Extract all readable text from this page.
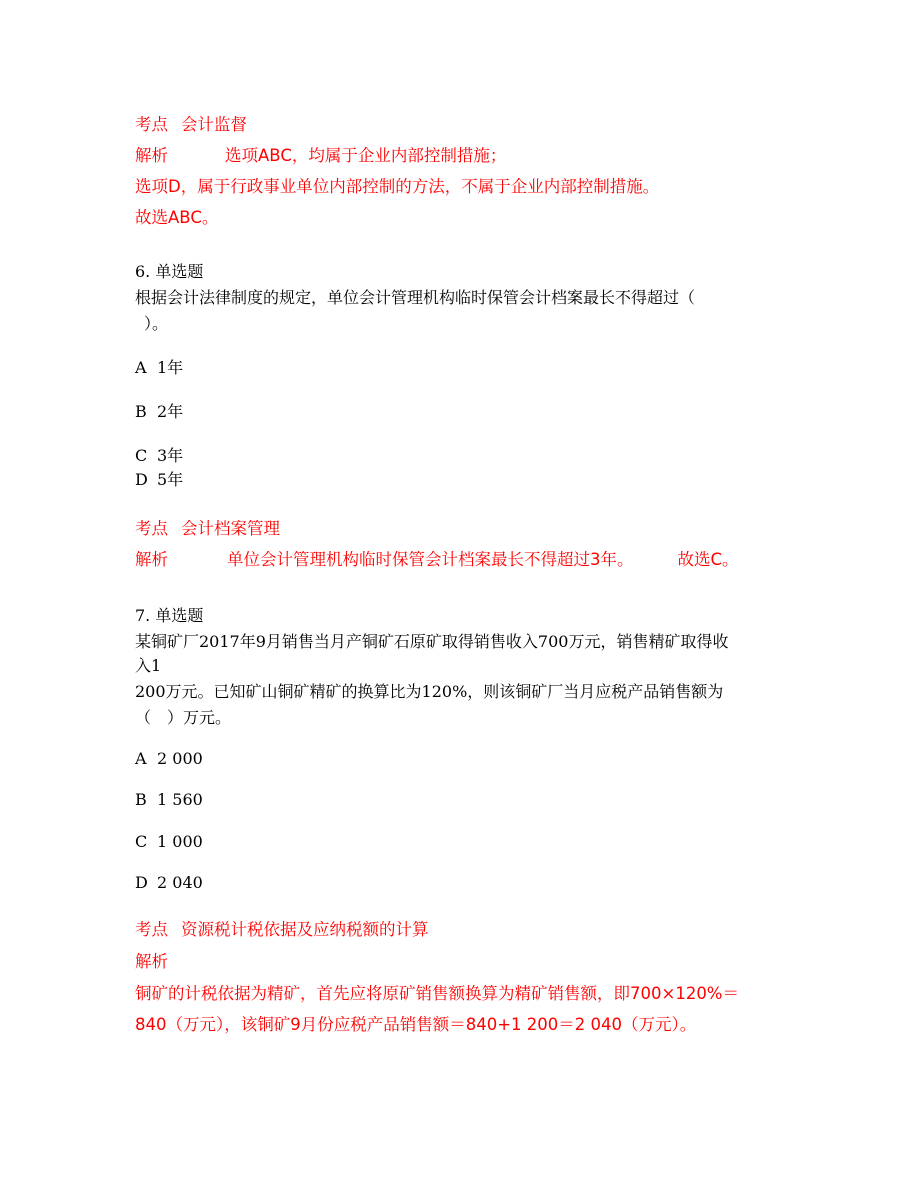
考点 会计监督
解析	选项ABC，均属于企业内部控制措施；
选项D，属于行政事业单位内部控制的方法，不属于企业内部控制措施。
故选ABC。
6. 单选题
根据会计法律制度的规定，单位会计管理机构临时保管会计档案最长不得超过（
）。
A 1年
B 2年
C 3年
D 5年
考点 会计档案管理
解析	单位会计管理机构临时保管会计档案最长不得超过3年。	故选C。
7. 单选题
某铜矿厂2017年9月销售当月产铜矿石原矿取得销售收入700万元，销售精矿取得收
入1
200万元。已知矿山铜矿精矿的换算比为120%，则该铜矿厂当月应税产品销售额为
（　）万元。
A 2 000
B 1 560
C 1 000
D 2 040
考点 资源税计税依据及应纳税额的计算
解析
铜矿的计税依据为精矿，首先应将原矿销售额换算为精矿销售额，即700×120%＝
840（万元），该铜矿9月份应税产品销售额＝840+1 200＝2 040（万元）。
